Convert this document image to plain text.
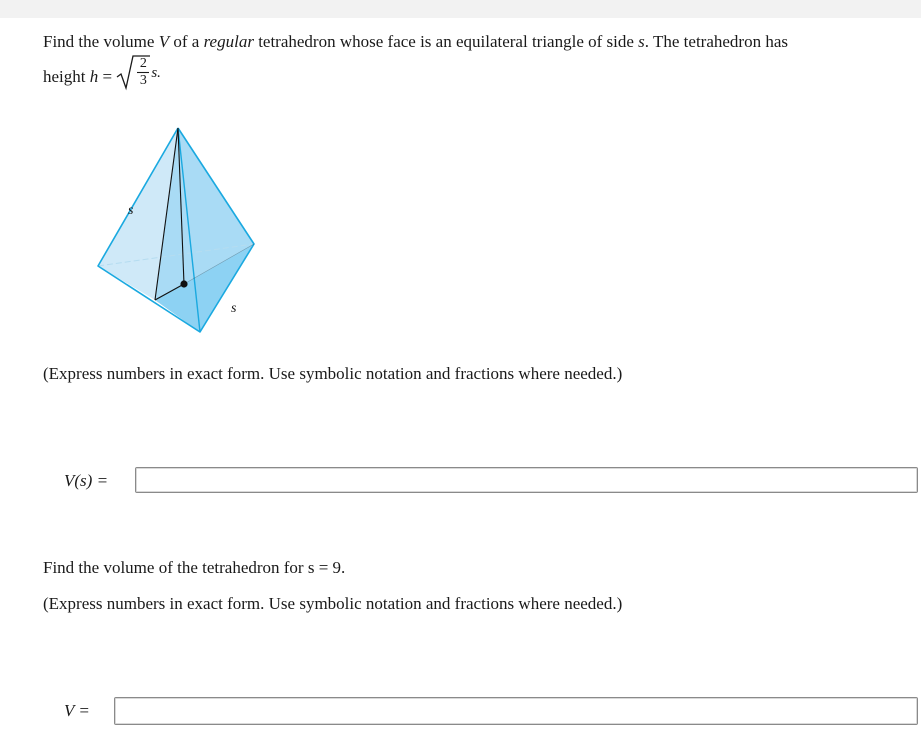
Find the volume V of a regular tetrahedron whose face is an equilateral triangle of side s. The tetrahedron has
height h =
2
3 s.
s
s
(Express numbers in exact form. Use symbolic notation and fractions where needed.)
V(s) =
Find the volume of the tetrahedron for s = 9.
(Express numbers in exact form. Use symbolic notation and fractions where needed.)
V =
